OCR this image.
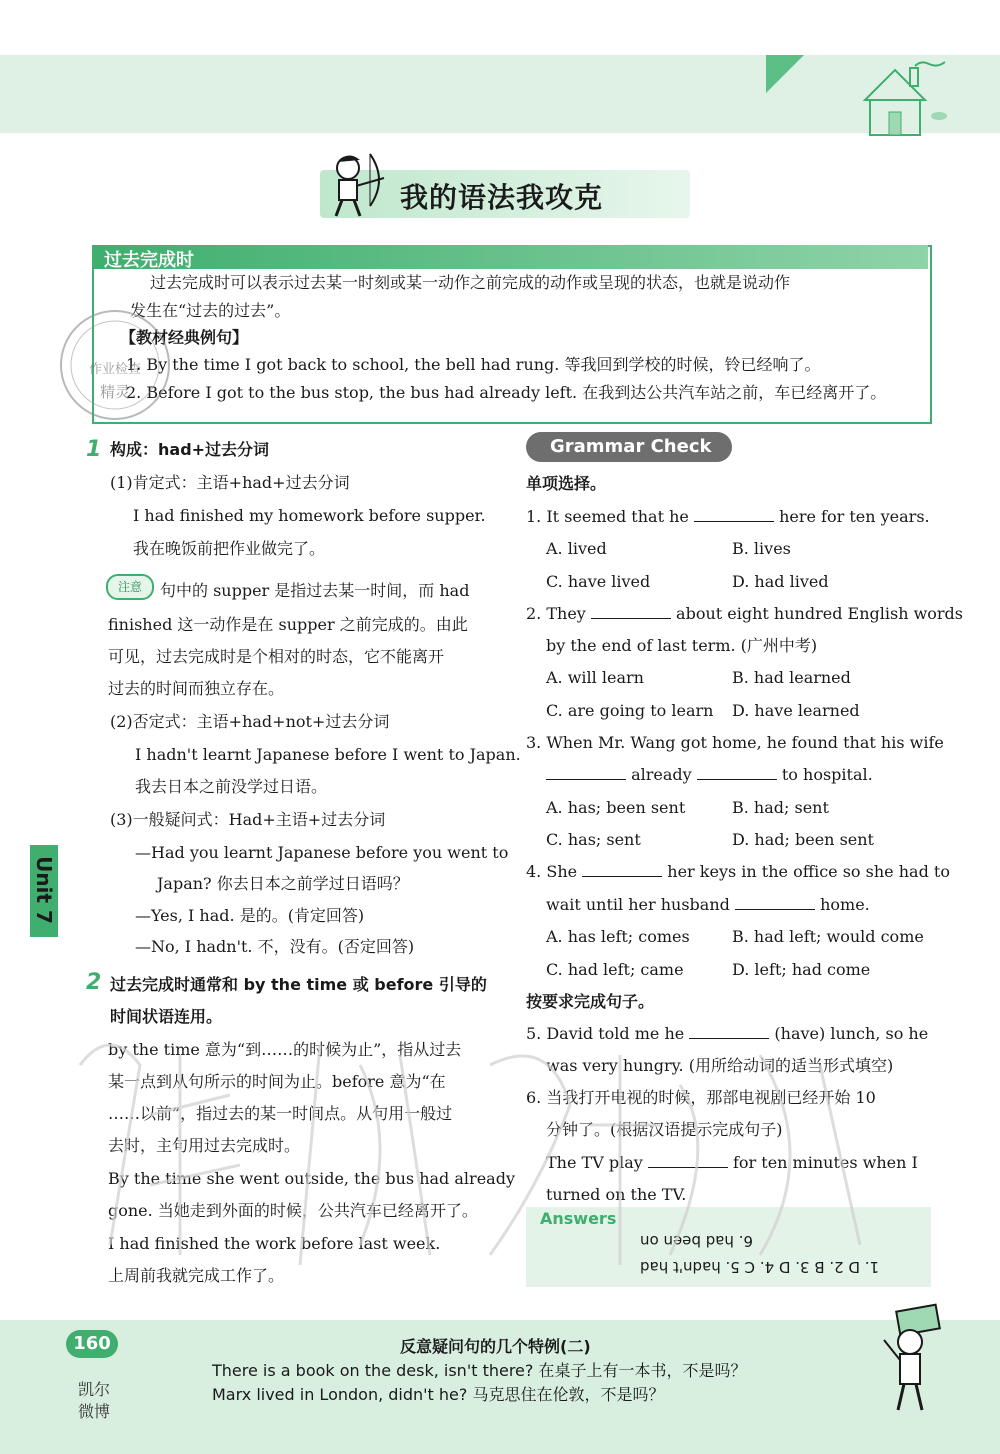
我的语法我攻克
过去完成时
过去完成时可以表示过去某一时刻或某一动作之前完成的动作或呈现的状态，也就是说动作
发生在“过去的过去”。
【教材经典例句】
1. By the time I got back to school, the bell had rung. 等我回到学校的时候，铃已经响了。
2. Before I got to the bus stop, the bus had already left. 在我到达公共汽车站之前，车已经离开了。
作业检查
精灵
1 构成：had+过去分词
(1)肯定式：主语+had+过去分词
I had finished my homework before supper.
我在晚饭前把作业做完了。
注意	句中的 supper 是指过去某一时间，而 had
finished 这一动作是在 supper 之前完成的。由此
可见，过去完成时是个相对的时态，它不能离开
过去的时间而独立存在。
(2)否定式：主语+had+not+过去分词
I hadn't learnt Japanese before I went to Japan.
我去日本之前没学过日语。
(3)一般疑问式：Had+主语+过去分词
—Had you learnt Japanese before you went to
Japan? 你去日本之前学过日语吗？
—Yes, I had. 是的。(肯定回答)
—No, I hadn't. 不，没有。(否定回答)
Unit 7
2 过去完成时通常和 by the time 或 before 引导的
时间状语连用。
by the time 意为“到……的时候为止”，指从过去
某一点到从句所示的时间为止。before 意为“在
……以前”，指过去的某一时间点。从句用一般过
去时，主句用过去完成时。
By the time she went outside, the bus had already
gone. 当她走到外面的时候，公共汽车已经离开了。
I had finished the work before last week.
上周前我就完成工作了。
Grammar Check
单项选择。
1. It seemed that he	here for ten years.
A. lived	B. lives
C. have lived	D. had lived
2. They	about eight hundred English words
by the end of last term. (广州中考)
A. will learn	B. had learned
C. are going to learn D. have learned
3. When Mr. Wang got home, he found that his wife
already	to hospital.
A. has; been sent	B. had; sent
C. has; sent	D. had; been sent
4. She	her keys in the office so she had to
wait until her husband	home.
A. has left; comes	B. had left; would come
C. had left; came	D. left; had come
按要求完成句子。
5. David told me he	(have) lunch, so he
was very hungry. (用所给动词的适当形式填空)
6. 当我打开电视的时候，那部电视剧已经开始 10
分钟了。(根据汉语提示完成句子)
The TV play	for ten minutes when I
turned on the TV.
Answers
6. had been on
1. D 2. B 3. D 4. C 5. hadn't had
160
凯尔
微博
反意疑问句的几个特例(二)
There is a book on the desk, isn't there? 在桌子上有一本书，不是吗？
Marx lived in London, didn't he? 马克思住在伦敦，不是吗？
